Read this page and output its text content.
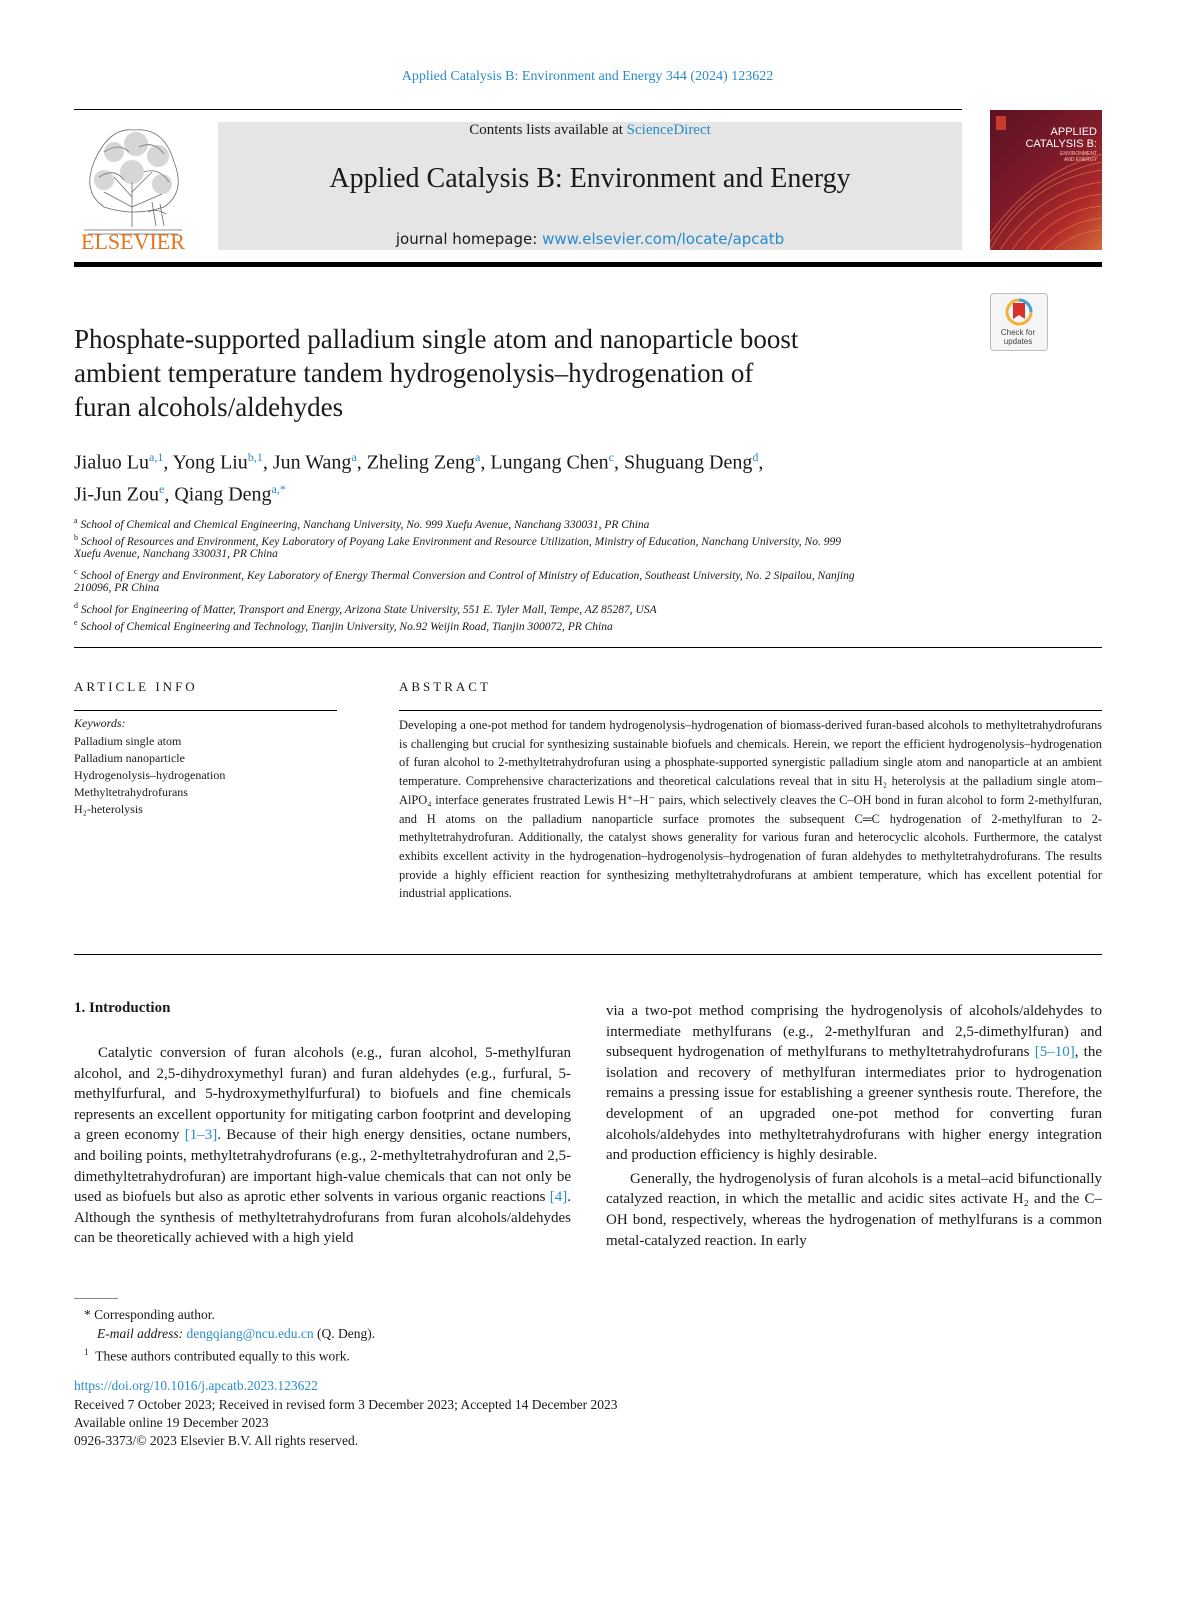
Applied Catalysis B: Environment and Energy 344 (2024) 123622
ELSEVIER
Contents lists available at ScienceDirect
Applied Catalysis B: Environment and Energy
journal homepage: www.elsevier.com/locate/apcatb
APPLIED
CATALYSIS B:
ENVIRONMENT
AND ENERGY
Check for
updates
Phosphate-supported palladium single atom and nanoparticle boost
ambient temperature tandem hydrogenolysis–hydrogenation of
furan alcohols/aldehydes
Jialuo Lu$^{a,1}$, Yong Liu$^{b,1}$, Jun Wang$^a$, Zheling Zeng$^a$, Lungang Chen$^c$, Shuguang Deng$^d$,
Ji-Jun Zou$^e$, Qiang Deng$^{a,*}$
$^a$ School of Chemical and Chemical Engineering, Nanchang University, No. 999 Xuefu Avenue, Nanchang 330031, PR China
$^b$ School of Resources and Environment, Key Laboratory of Poyang Lake Environment and Resource Utilization, Ministry of Education, Nanchang University, No. 999
Xuefu Avenue, Nanchang 330031, PR China
$^c$ School of Energy and Environment, Key Laboratory of Energy Thermal Conversion and Control of Ministry of Education, Southeast University, No. 2 Sipailou, Nanjing
210096, PR China
$^d$ School for Engineering of Matter, Transport and Energy, Arizona State University, 551 E. Tyler Mall, Tempe, AZ 85287, USA
$^e$ School of Chemical Engineering and Technology, Tianjin University, No.92 Weijin Road, Tianjin 300072, PR China
ARTICLE INFO	ABSTRACT
Keywords:
Palladium single atom
Palladium nanoparticle
Hydrogenolysis–hydrogenation
Methyltetrahydrofurans
H₂-heterolysis
Developing a one-pot method for tandem hydrogenolysis–hydrogenation of biomass-derived furan-based alcohols to methyltetrahydrofurans is challenging but crucial for synthesizing sustainable biofuels and chemicals. Herein, we report the efficient hydrogenolysis–hydrogenation of furan alcohol to 2-methyltetrahydrofuran using a phosphate-supported synergistic palladium single atom and nanoparticle at an ambient temperature. Comprehensive characterizations and theoretical calculations reveal that in situ H₂ heterolysis at the palladium single atom–AlPO₄ interface generates frustrated Lewis H⁺–H⁻ pairs, which selectively cleaves the C–OH bond in furan alcohol to form 2-methylfuran, and H atoms on the palladium nanoparticle surface promotes the subsequent C═C hydrogenation of 2-methylfuran to 2-methyltetrahydrofuran. Additionally, the catalyst shows generality for various furan and heterocyclic alcohols. Furthermore, the catalyst exhibits excellent activity in the hydrogenation–hydrogenolysis–hydrogenation of furan aldehydes to methyltetrahydrofurans. The results provide a highly efficient reaction for synthesizing methyltetrahydrofurans at ambient temperature, which has excellent potential for industrial applications.
1. Introduction

Catalytic conversion of furan alcohols (e.g., furan alcohol, 5-methylfuran alcohol, and 2,5-dihydroxymethyl furan) and furan aldehydes (e.g., furfural, 5-methylfurfural, and 5-hydroxymethylfurfural) to biofuels and fine chemicals represents an excellent opportunity for mitigating carbon footprint and developing a green economy [1–3]. Because of their high energy densities, octane numbers, and boiling points, methyltetrahydrofurans (e.g., 2-methyltetrahydrofuran and 2,5-dimethyltetrahydrofuran) are important high-value chemicals that can not only be used as biofuels but also as aprotic ether solvents in various organic reactions [4]. Although the synthesis of methyltetrahydrofurans from furan alcohols/aldehydes can be theoretically achieved with a high yield

via a two-pot method comprising the hydrogenolysis of alcohols/aldehydes to intermediate methylfurans (e.g., 2-methylfuran and 2,5-dimethylfuran) and subsequent hydrogenation of methylfurans to methyltetrahydrofurans [5–10], the isolation and recovery of methylfuran intermediates prior to hydrogenation remains a pressing issue for establishing a greener synthesis route. Therefore, the development of an upgraded one-pot method for converting furan alcohols/aldehydes into methyltetrahydrofurans with higher energy integration and production efficiency is highly desirable.

Generally, the hydrogenolysis of furan alcohols is a metal–acid bifunctionally catalyzed reaction, in which the metallic and acidic sites activate H₂ and the C–OH bond, respectively, whereas the hydrogenation of methylfurans is a common metal-catalyzed reaction. In early

* Corresponding author.
E-mail address: dengqiang@ncu.edu.cn (Q. Deng).
$^1$ These authors contributed equally to this work.
https://doi.org/10.1016/j.apcatb.2023.123622
Received 7 October 2023; Received in revised form 3 December 2023; Accepted 14 December 2023
Available online 19 December 2023
0926-3373/© 2023 Elsevier B.V. All rights reserved.
